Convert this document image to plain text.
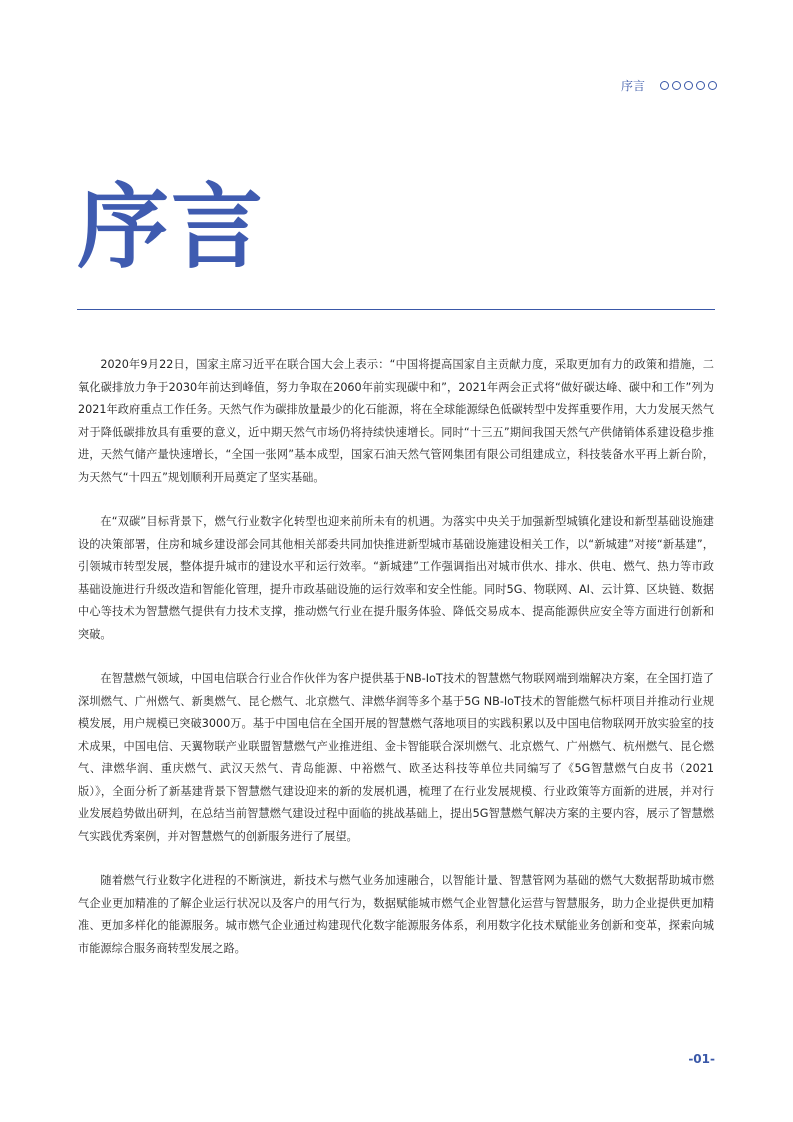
序言
序言

2020年9月22日，国家主席习近平在联合国大会上表示：“中国将提高国家自主贡献力度，采取更加有力的政策和措施，二氧化碳排放力争于2030年前达到峰值，努力争取在2060年前实现碳中和”，2021年两会正式将“做好碳达峰、碳中和工作”列为2021年政府重点工作任务。天然气作为碳排放量最少的化石能源，将在全球能源绿色低碳转型中发挥重要作用，大力发展天然气对于降低碳排放具有重要的意义，近中期天然气市场仍将持续快速增长。同时“十三五”期间我国天然气产供储销体系建设稳步推进，天然气储产量快速增长，“全国一张网”基本成型，国家石油天然气管网集团有限公司组建成立，科技装备水平再上新台阶，为天然气“十四五”规划顺利开局奠定了坚实基础。

在“双碳”目标背景下，燃气行业数字化转型也迎来前所未有的机遇。为落实中央关于加强新型城镇化建设和新型基础设施建设的决策部署，住房和城乡建设部会同其他相关部委共同加快推进新型城市基础设施建设相关工作，以“新城建”对接“新基建”，引领城市转型发展，整体提升城市的建设水平和运行效率。“新城建”工作强调指出对城市供水、排水、供电、燃气、热力等市政基础设施进行升级改造和智能化管理，提升市政基础设施的运行效率和安全性能。同时5G、物联网、AI、云计算、区块链、数据中心等技术为智慧燃气提供有力技术支撑，推动燃气行业在提升服务体验、降低交易成本、提高能源供应安全等方面进行创新和突破。

在智慧燃气领域，中国电信联合行业合作伙伴为客户提供基于NB-IoT技术的智慧燃气物联网端到端解决方案，在全国打造了深圳燃气、广州燃气、新奥燃气、昆仑燃气、北京燃气、津燃华润等多个基于5G NB-IoT技术的智能燃气标杆项目并推动行业规模发展，用户规模已突破3000万。基于中国电信在全国开展的智慧燃气落地项目的实践积累以及中国电信物联网开放实验室的技术成果，中国电信、天翼物联产业联盟智慧燃气产业推进组、金卡智能联合深圳燃气、北京燃气、广州燃气、杭州燃气、昆仑燃气、津燃华润、重庆燃气、武汉天然气、青岛能源、中裕燃气、欧圣达科技等单位共同编写了《5G智慧燃气白皮书（2021版）》，全面分析了新基建背景下智慧燃气建设迎来的新的发展机遇，梳理了在行业发展规模、行业政策等方面新的进展，并对行业发展趋势做出研判，在总结当前智慧燃气建设过程中面临的挑战基础上，提出5G智慧燃气解决方案的主要内容，展示了智慧燃气实践优秀案例，并对智慧燃气的创新服务进行了展望。

随着燃气行业数字化进程的不断演进，新技术与燃气业务加速融合，以智能计量、智慧管网为基础的燃气大数据帮助城市燃气企业更加精准的了解企业运行状况以及客户的用气行为，数据赋能城市燃气企业智慧化运营与智慧服务，助力企业提供更加精准、更加多样化的能源服务。城市燃气企业通过构建现代化数字能源服务体系，利用数字化技术赋能业务创新和变革，探索向城市能源综合服务商转型发展之路。

-01-
